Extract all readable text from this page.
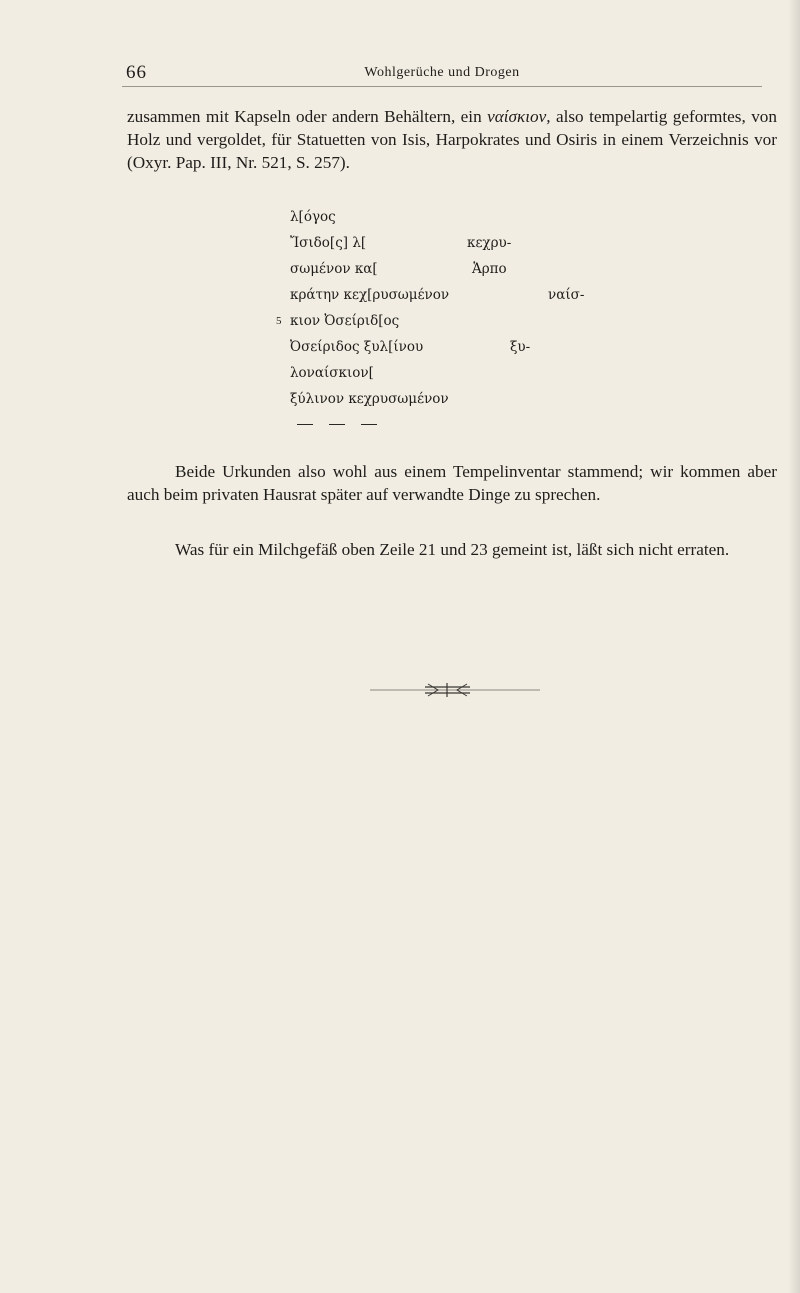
66	Wohlgerüche und Drogen

zusammen mit Kapseln oder andern Behältern, ein ναίσκιον, also tempelartig geformtes, von Holz und vergoldet, für Statuetten von Isis, Harpokrates und Osiris in einem Verzeichnis vor (Oxyr. Pap. III, Nr. 521, S. 257).

λ[όγος
Ἴσιδο[ς] λ[	κεχρυ-
σωμένον κα[	Ἁρπο
κράτην κεχ[ρυσωμένον	ναίσ-
5 κιον Ὀσείριδ[ος
Ὀσείριδος ξυλ[ίνου	ξυ-
λοναίσκιον[
ξύλινον κεχρυσωμένον

Beide Urkunden also wohl aus einem Tempelinventar stammend; wir kommen aber auch beim privaten Hausrat später auf verwandte Dinge zu sprechen.

Was für ein Milchgefäß oben Zeile 21 und 23 gemeint ist, läßt sich nicht erraten.
